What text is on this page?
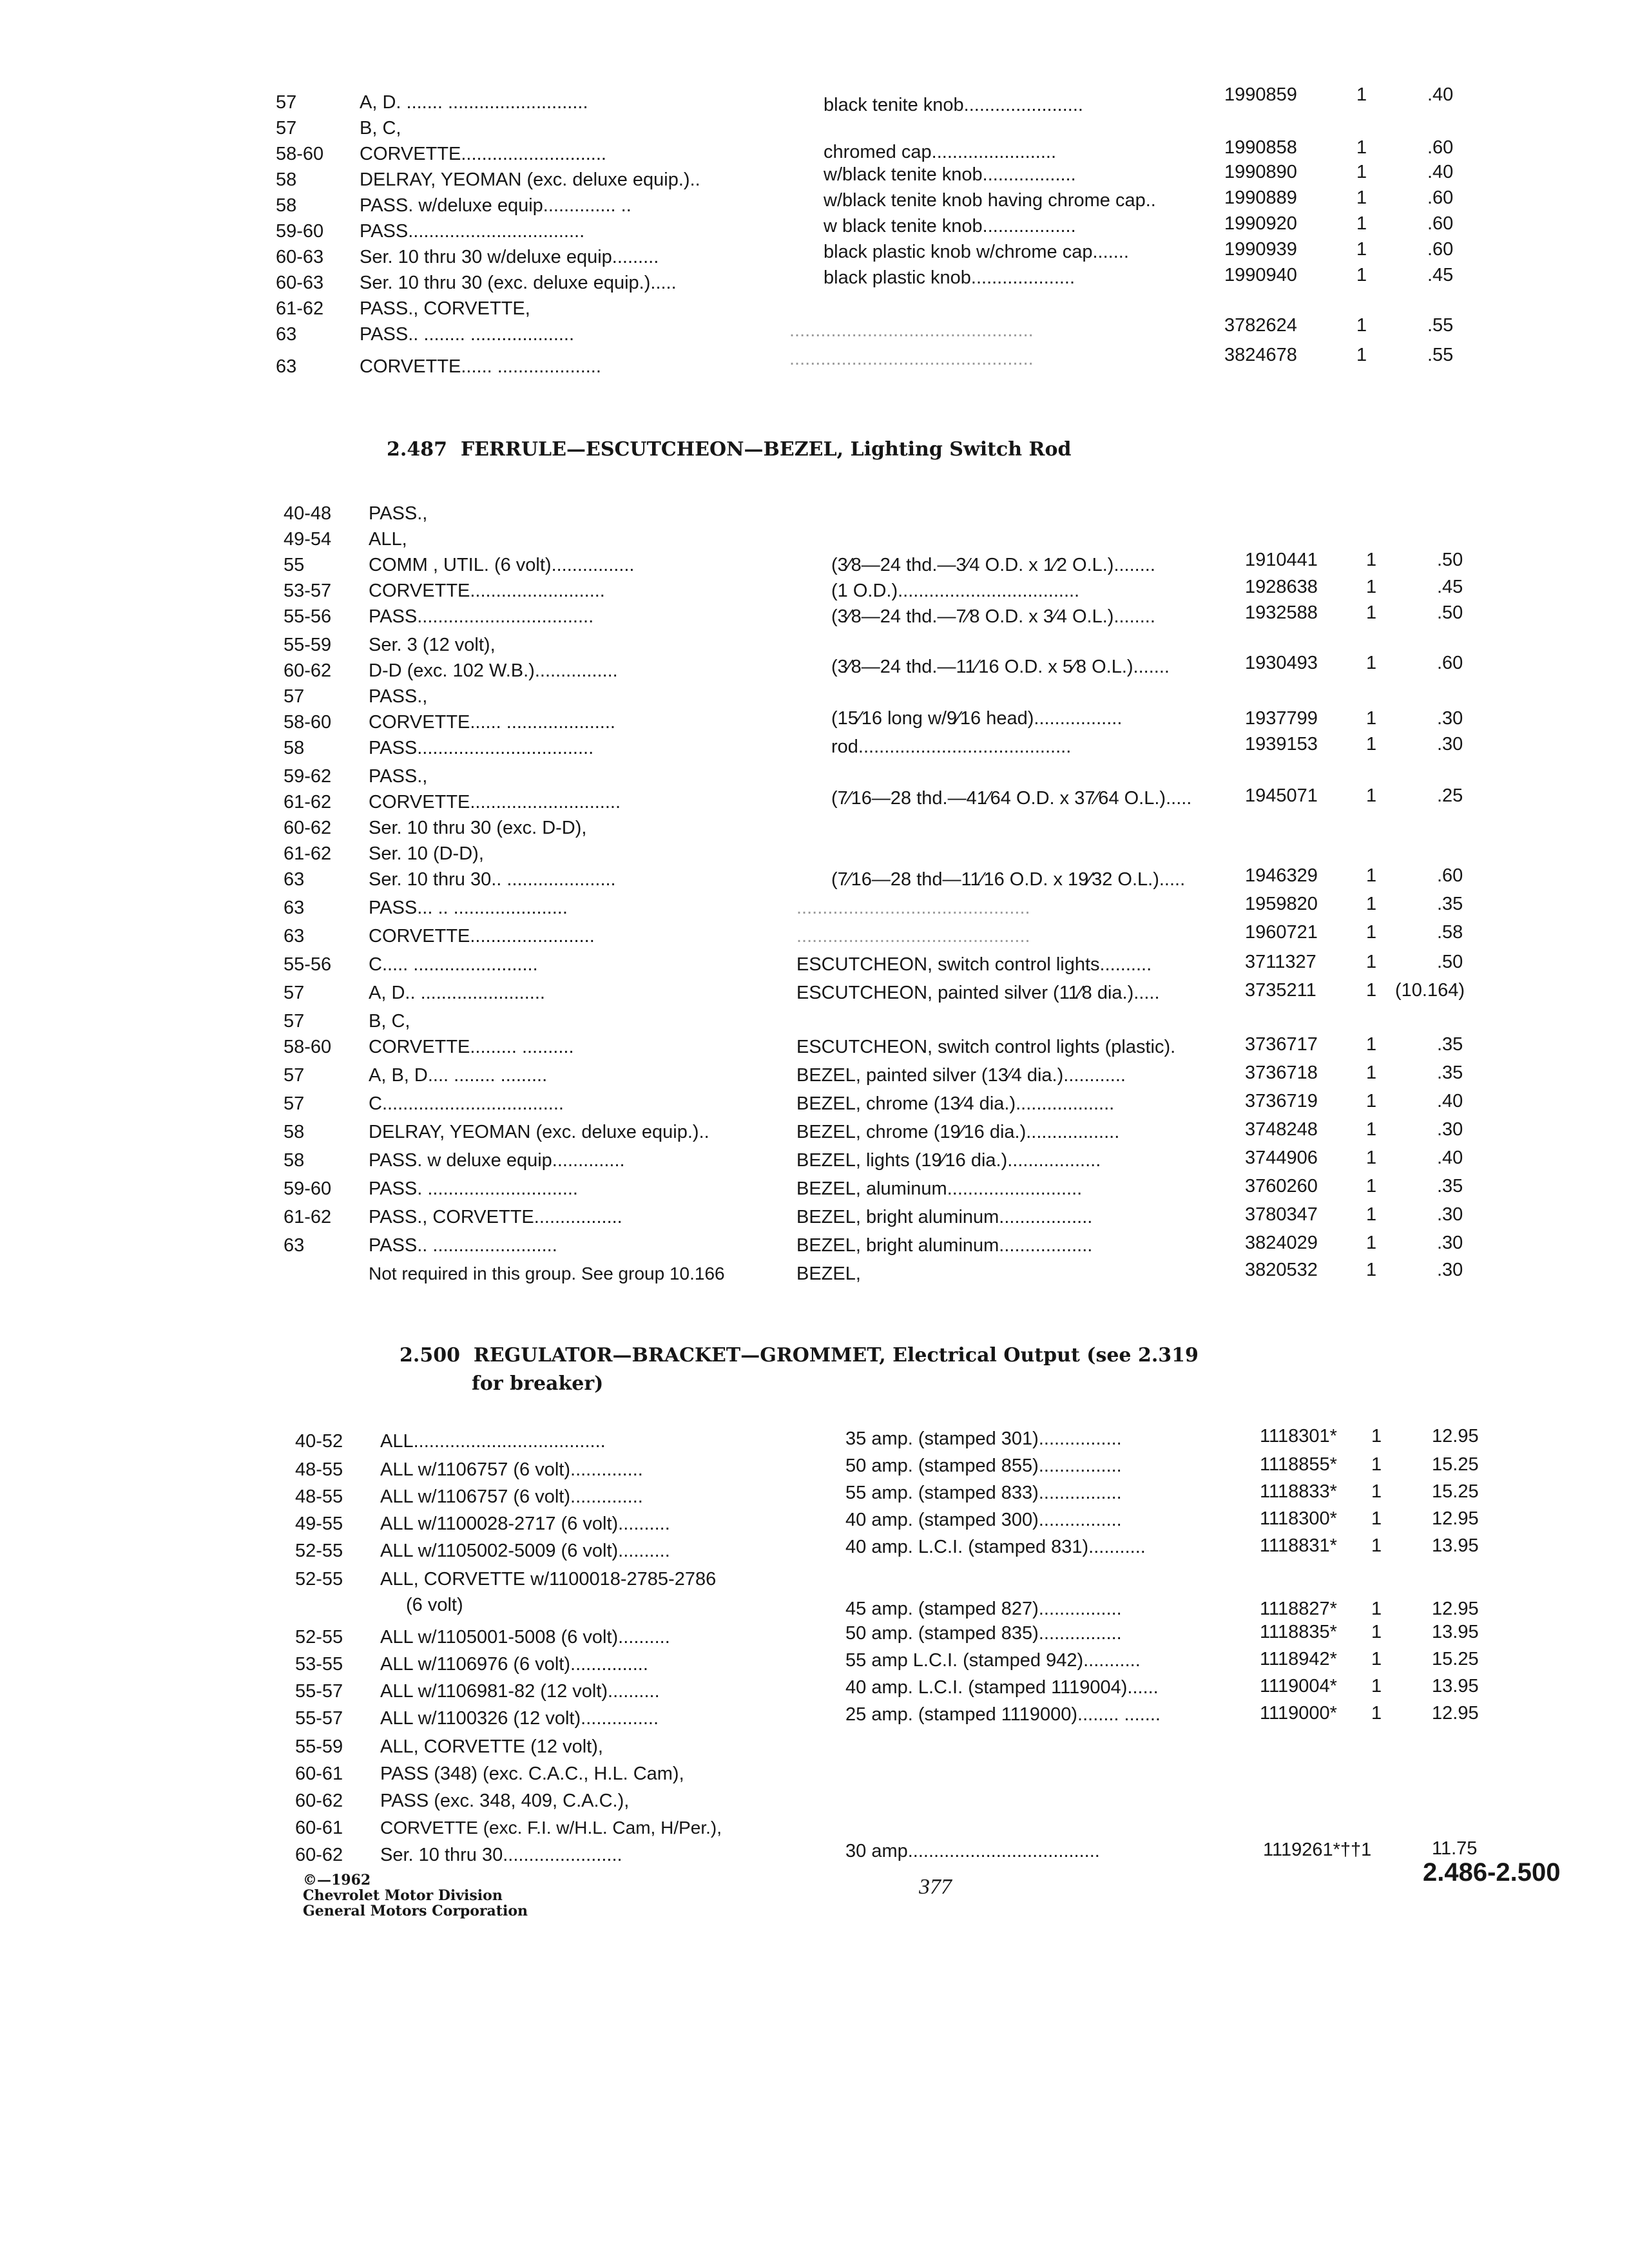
57	A, D. ....... ...........................	black tenite knob.......................	1990859	1	.40
57	B, C,
58-60 CORVETTE............................	chromed cap........................	1990858	1	.60
58	DELRAY, YEOMAN (exc. deluxe equip.)..	w/black tenite knob..................	1990890	1	.40
58	PASS. w/deluxe equip.............. ..	w/black tenite knob having chrome cap..	1990889	1	.60
59-60 PASS..................................	w black tenite knob..................	1990920	1	.60
60-63 Ser. 10 thru 30 w/deluxe equip.........	black plastic knob w/chrome cap.......	1990939	1	.60
60-63 Ser. 10 thru 30 (exc. deluxe equip.).....	black plastic knob....................	1990940	1	.45
61-62 PASS., CORVETTE,
63	PASS.. ........ ....................	...............................................	3782624	1	.55
63	CORVETTE...... ....................	...............................................	3824678	1	.55
2.487 FERRULE—ESCUTCHEON—BEZEL, Lighting Switch Rod
40-48 PASS.,
49-54 ALL,
55	COMM , UTIL. (6 volt)................	(3⁄8—24 thd.—3⁄4 O.D. x 1⁄2 O.L.)........	1910441	1	.50
53-57 CORVETTE..........................	(1 O.D.)...................................	1928638	1	.45
55-56 PASS..................................	(3⁄8—24 thd.—7⁄8 O.D. x 3⁄4 O.L.)........	1932588	1	.50
55-59 Ser. 3 (12 volt),
60-62 D-D (exc. 102 W.B.)................	(3⁄8—24 thd.—11⁄16 O.D. x 5⁄8 O.L.).......	1930493	1	.60
57	PASS.,
58-60 CORVETTE...... .....................	(15⁄16 long w/9⁄16 head).................	1937799	1	.30
58	PASS..................................	rod.........................................	1939153	1	.30
59-62 PASS.,
61-62 CORVETTE.............................	(7⁄16—28 thd.—41⁄64 O.D. x 37⁄64 O.L.).....	1945071	1	.25
60-62 Ser. 10 thru 30 (exc. D-D),
61-62 Ser. 10 (D-D),
63	Ser. 10 thru 30.. .....................	(7⁄16—28 thd—11⁄16 O.D. x 19⁄32 O.L.).....	1946329	1	.60
63	PASS... .. ......................	.............................................	1959820	1	.35
63	CORVETTE........................	.............................................	1960721	1	.58
55-56 C..... ........................	ESCUTCHEON, switch control lights..........	3711327	1	.50
57	A, D.. ........................	ESCUTCHEON, painted silver (11⁄8 dia.).....	3735211	1 (10.164)
57	B, C,
58-60 CORVETTE......... ..........	ESCUTCHEON, switch control lights (plastic).	3736717	1	.35
57	A, B, D.... ........ .........	BEZEL, painted silver (13⁄4 dia.)............	3736718	1	.35
57	C...................................	BEZEL, chrome (13⁄4 dia.)...................	3736719	1	.40
58	DELRAY, YEOMAN (exc. deluxe equip.)..	BEZEL, chrome (19⁄16 dia.)..................	3748248	1	.30
58	PASS. w deluxe equip..............	BEZEL, lights (19⁄16 dia.)..................	3744906	1	.40
59-60 PASS. .............................	BEZEL, aluminum..........................	3760260	1	.35
61-62 PASS., CORVETTE.................	BEZEL, bright aluminum..................	3780347	1	.30
63	PASS.. ........................	BEZEL, bright aluminum..................	3824029	1	.30
Not required in this group. See group 10.166	BEZEL,	3820532	1	.30
2.500 REGULATOR—BRACKET—GROMMET, Electrical Output (see 2.319
for breaker)
40-52 ALL.....................................	35 amp. (stamped 301)................	1118301* 1	12.95
48-55 ALL w/1106757 (6 volt)..............	50 amp. (stamped 855)................	1118855* 1	15.25
48-55 ALL w/1106757 (6 volt)..............	55 amp. (stamped 833)................	1118833* 1	15.25
49-55 ALL w/1100028-2717 (6 volt)..........	40 amp. (stamped 300)................	1118300* 1	12.95
52-55 ALL w/1105002-5009 (6 volt)..........	40 amp. L.C.I. (stamped 831)...........	1118831* 1	13.95
52-55 ALL, CORVETTE w/1100018-2785-2786
(6 volt)	45 amp. (stamped 827)................	1118827* 1	12.95
52-55 ALL w/1105001-5008 (6 volt)..........	50 amp. (stamped 835)................	1118835* 1	13.95
53-55 ALL w/1106976 (6 volt)...............	55 amp L.C.I. (stamped 942)...........	1118942* 1	15.25
55-57 ALL w/1106981-82 (12 volt)..........	40 amp. L.C.I. (stamped 1119004)......	1119004* 1	13.95
55-57 ALL w/1100326 (12 volt)...............	25 amp. (stamped 1119000)........ .......	1119000* 1	12.95
55-59 ALL, CORVETTE (12 volt),
60-61 PASS (348) (exc. C.A.C., H.L. Cam),
60-62 PASS (exc. 348, 409, C.A.C.),
60-61 CORVETTE (exc. F.I. w/H.L. Cam, H/Per.),
60-62 Ser. 10 thru 30.......................	30 amp.....................................	1119261*††1	11.75
©—1962
Chevrolet Motor Division
General Motors Corporation
377
2.486-2.500
